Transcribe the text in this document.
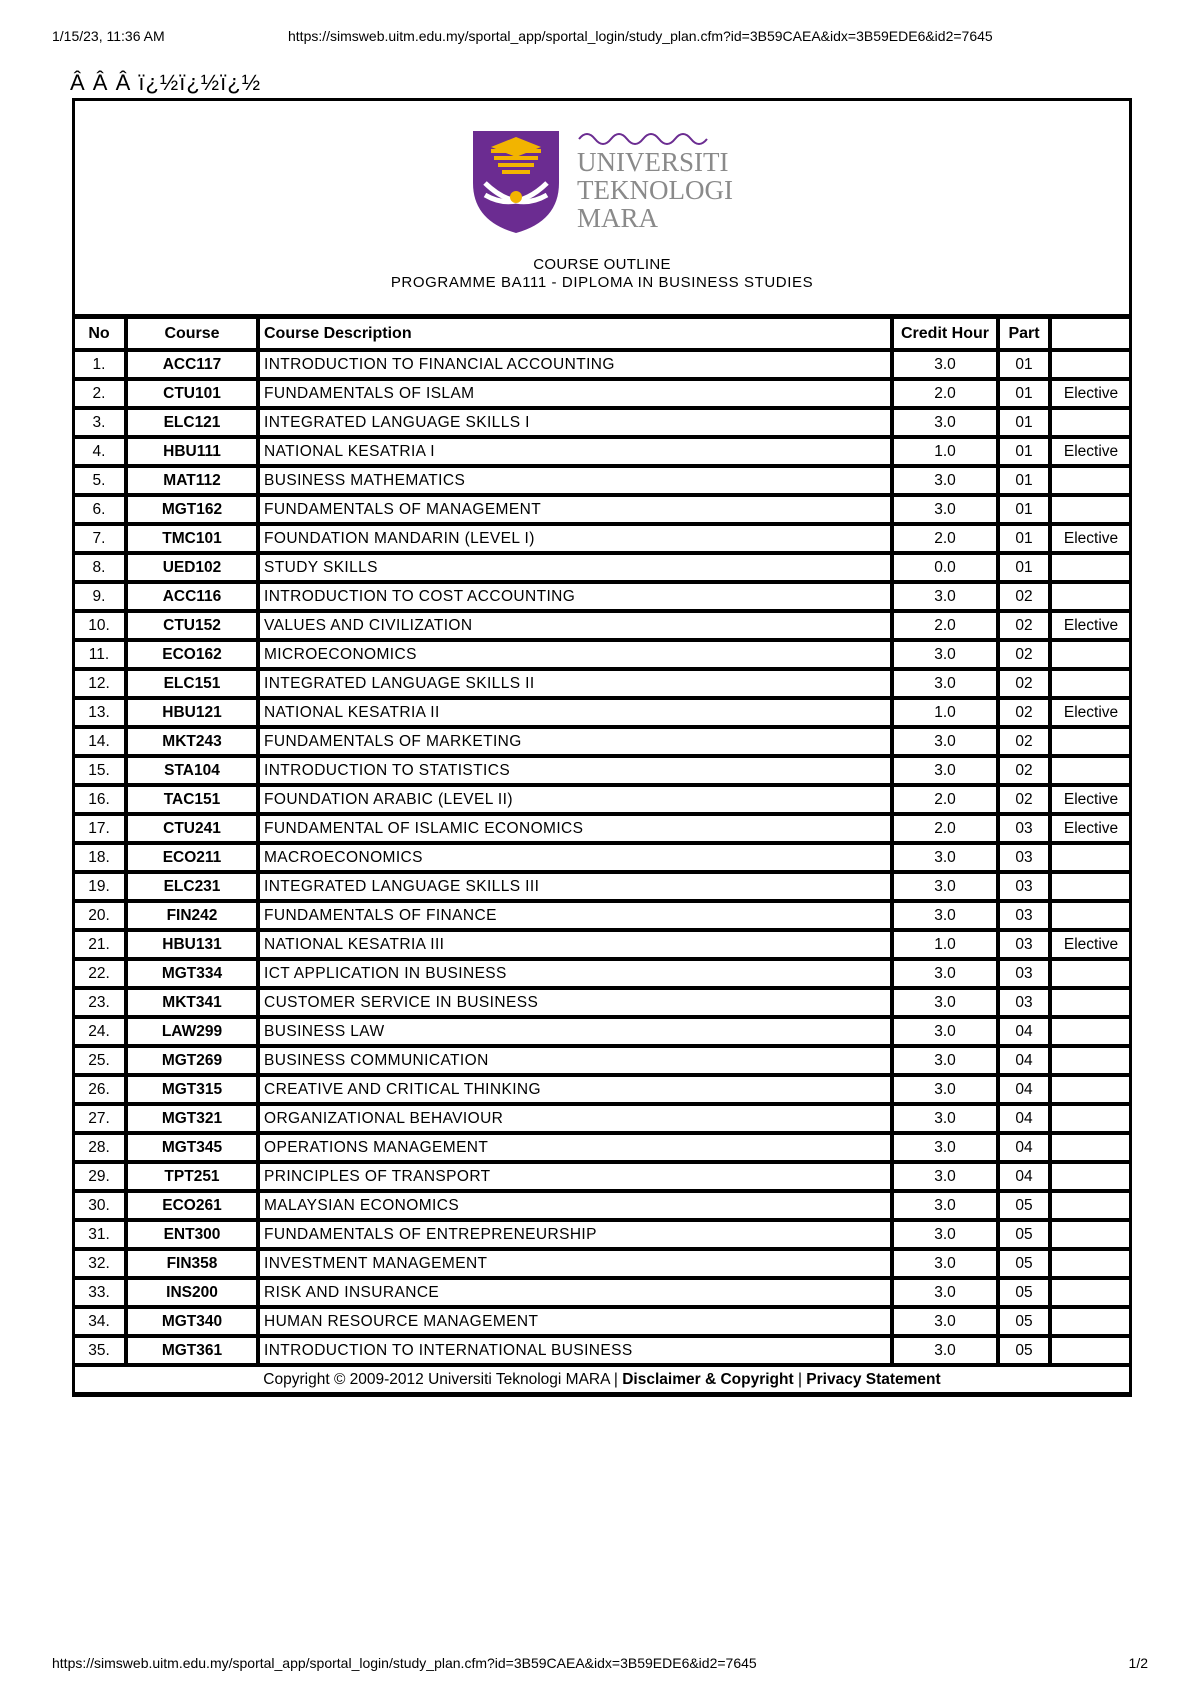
1/15/23, 11:36 AM	https://simsweb.uitm.edu.my/sportal_app/sportal_login/study_plan.cfm?id=3B59CAEA&idx=3B59EDE6&id2=7645
Â Â Â ï¿½ï¿½ï¿½
UNIVERSITI
TEKNOLOGI
MARA
COURSE OUTLINE
PROGRAMME BA111 - DIPLOMA IN BUSINESS STUDIES
No	Course	Course Description	Credit Hour	Part	
1.	ACC117	INTRODUCTION TO FINANCIAL ACCOUNTING	3.0	01	
2.	CTU101	FUNDAMENTALS OF ISLAM	2.0	01	Elective
3.	ELC121	INTEGRATED LANGUAGE SKILLS I	3.0	01	
4.	HBU111	NATIONAL KESATRIA I	1.0	01	Elective
5.	MAT112	BUSINESS MATHEMATICS	3.0	01	
6.	MGT162	FUNDAMENTALS OF MANAGEMENT	3.0	01	
7.	TMC101	FOUNDATION MANDARIN (LEVEL I)	2.0	01	Elective
8.	UED102	STUDY SKILLS	0.0	01	
9.	ACC116	INTRODUCTION TO COST ACCOUNTING	3.0	02	
10.	CTU152	VALUES AND CIVILIZATION	2.0	02	Elective
11.	ECO162	MICROECONOMICS	3.0	02	
12.	ELC151	INTEGRATED LANGUAGE SKILLS II	3.0	02	
13.	HBU121	NATIONAL KESATRIA II	1.0	02	Elective
14.	MKT243	FUNDAMENTALS OF MARKETING	3.0	02	
15.	STA104	INTRODUCTION TO STATISTICS	3.0	02	
16.	TAC151	FOUNDATION ARABIC (LEVEL II)	2.0	02	Elective
17.	CTU241	FUNDAMENTAL OF ISLAMIC ECONOMICS	2.0	03	Elective
18.	ECO211	MACROECONOMICS	3.0	03	
19.	ELC231	INTEGRATED LANGUAGE SKILLS III	3.0	03	
20.	FIN242	FUNDAMENTALS OF FINANCE	3.0	03	
21.	HBU131	NATIONAL KESATRIA III	1.0	03	Elective
22.	MGT334	ICT APPLICATION IN BUSINESS	3.0	03	
23.	MKT341	CUSTOMER SERVICE IN BUSINESS	3.0	03	
24.	LAW299	BUSINESS LAW	3.0	04	
25.	MGT269	BUSINESS COMMUNICATION	3.0	04	
26.	MGT315	CREATIVE AND CRITICAL THINKING	3.0	04	
27.	MGT321	ORGANIZATIONAL BEHAVIOUR	3.0	04	
28.	MGT345	OPERATIONS MANAGEMENT	3.0	04	
29.	TPT251	PRINCIPLES OF TRANSPORT	3.0	04	
30.	ECO261	MALAYSIAN ECONOMICS	3.0	05	
31.	ENT300	FUNDAMENTALS OF ENTREPRENEURSHIP	3.0	05	
32.	FIN358	INVESTMENT MANAGEMENT	3.0	05	
33.	INS200	RISK AND INSURANCE	3.0	05	
34.	MGT340	HUMAN RESOURCE MANAGEMENT	3.0	05	
35.	MGT361	INTRODUCTION TO INTERNATIONAL BUSINESS	3.0	05	
Copyright © 2009-2012 Universiti Teknologi MARA | Disclaimer & Copyright | Privacy Statement					
https://simsweb.uitm.edu.my/sportal_app/sportal_login/study_plan.cfm?id=3B59CAEA&idx=3B59EDE6&id2=7645	1/2
